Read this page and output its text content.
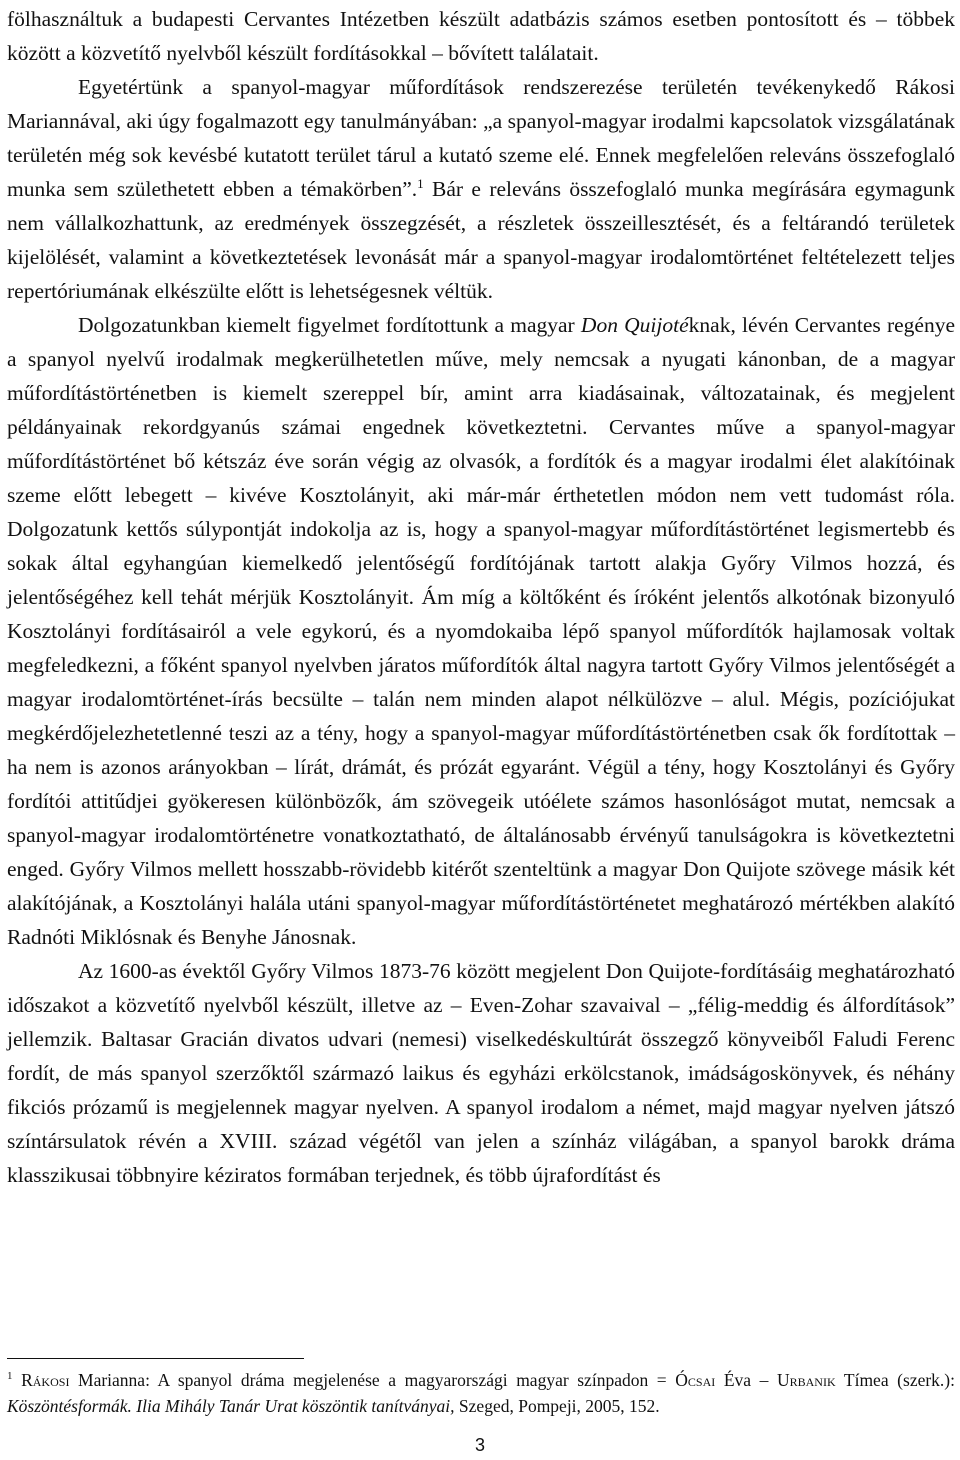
fölhasználtuk a budapesti Cervantes Intézetben készült adatbázis számos esetben pontosított és – többek között a közvetítő nyelvből készült fordításokkal – bővített találatait.
Egyetértünk a spanyol-magyar műfordítások rendszerezése területén tevékenykedő Rákosi Mariannával, aki úgy fogalmazott egy tanulmányában: „a spanyol-magyar irodalmi kapcsolatok vizsgálatának területén még sok kevésbé kutatott terület tárul a kutató szeme elé. Ennek megfelelően releváns összefoglaló munka sem születhetett ebben a témakörben”.$^1$ Bár e releváns összefoglaló munka megírására egymagunk nem vállalkozhattunk, az eredmények összegzését, a részletek összeillesztését, és a feltárandó területek kijelölését, valamint a következtetések levonását már a spanyol-magyar irodalomtörténet feltételezett teljes repertóriumának elkészülte előtt is lehetségesnek véltük.
Dolgozatunkban kiemelt figyelmet fordítottunk a magyar Don Quijotéknak, lévén Cervantes regénye a spanyol nyelvű irodalmak megkerülhetetlen műve, mely nemcsak a nyugati kánonban, de a magyar műfordítástörténetben is kiemelt szereppel bír, amint arra kiadásainak, változatainak, és megjelent példányainak rekordgyanús számai engednek következtetni. Cervantes műve a spanyol-magyar műfordítástörténet bő kétszáz éve során végig az olvasók, a fordítók és a magyar irodalmi élet alakítóinak szeme előtt lebegett – kivéve Kosztolányit, aki már-már érthetetlen módon nem vett tudomást róla. Dolgozatunk kettős súlypontját indokolja az is, hogy a spanyol-magyar műfordítástörténet legismertebb és sokak által egyhangúan kiemelkedő jelentőségű fordítójának tartott alakja Győry Vilmos hozzá, és jelentőségéhez kell tehát mérjük Kosztolányit. Ám míg a költőként és íróként jelentős alkotónak bizonyuló Kosztolányi fordításairól a vele egykorú, és a nyomdokaiba lépő spanyol műfordítók hajlamosak voltak megfeledkezni, a főként spanyol nyelvben járatos műfordítók által nagyra tartott Győry Vilmos jelentőségét a magyar irodalomtörténet-írás becsülte – talán nem minden alapot nélkülözve – alul. Mégis, pozíciójukat megkérdőjelezhetetlenné teszi az a tény, hogy a spanyol-magyar műfordítástörténetben csak ők fordítottak – ha nem is azonos arányokban – lírát, drámát, és prózát egyaránt. Végül a tény, hogy Kosztolányi és Győry fordítói attitűdjei gyökeresen különbözők, ám szövegeik utóélete számos hasonlóságot mutat, nemcsak a spanyol-magyar irodalomtörténetre vonatkoztatható, de általánosabb érvényű tanulságokra is következtetni enged. Győry Vilmos mellett hosszabb-rövidebb kitérőt szenteltünk a magyar Don Quijote szövege másik két alakítójának, a Kosztolányi halála utáni spanyol-magyar műfordítástörténetet meghatározó mértékben alakító Radnóti Miklósnak és Benyhe Jánosnak.
Az 1600-as évektől Győry Vilmos 1873-76 között megjelent Don Quijote-fordításáig meghatározható időszakot a közvetítő nyelvből készült, illetve az – Even-Zohar szavaival – „félig-meddig és álfordítások” jellemzik. Baltasar Gracián divatos udvari (nemesi) viselkedéskultúrát összegző könyveiből Faludi Ferenc fordít, de más spanyol szerzőktől származó laikus és egyházi erkölcstanok, imádságoskönyvek, és néhány fikciós prózamű is megjelennek magyar nyelven. A spanyol irodalom a német, majd magyar nyelven játszó színtársulatok révén a XVIII. század végétől van jelen a színház világában, a spanyol barokk dráma klasszikusai többnyire kéziratos formában terjednek, és több újrafordítást és

$^1$ Rákosi Marianna: A spanyol dráma megjelenése a magyarországi magyar színpadon = Ócsai Éva – Urbanik Tímea (szerk.): Köszöntésformák. Ilia Mihály Tanár Urat köszöntik tanítványai, Szeged, Pompeji, 2005, 152.

3
